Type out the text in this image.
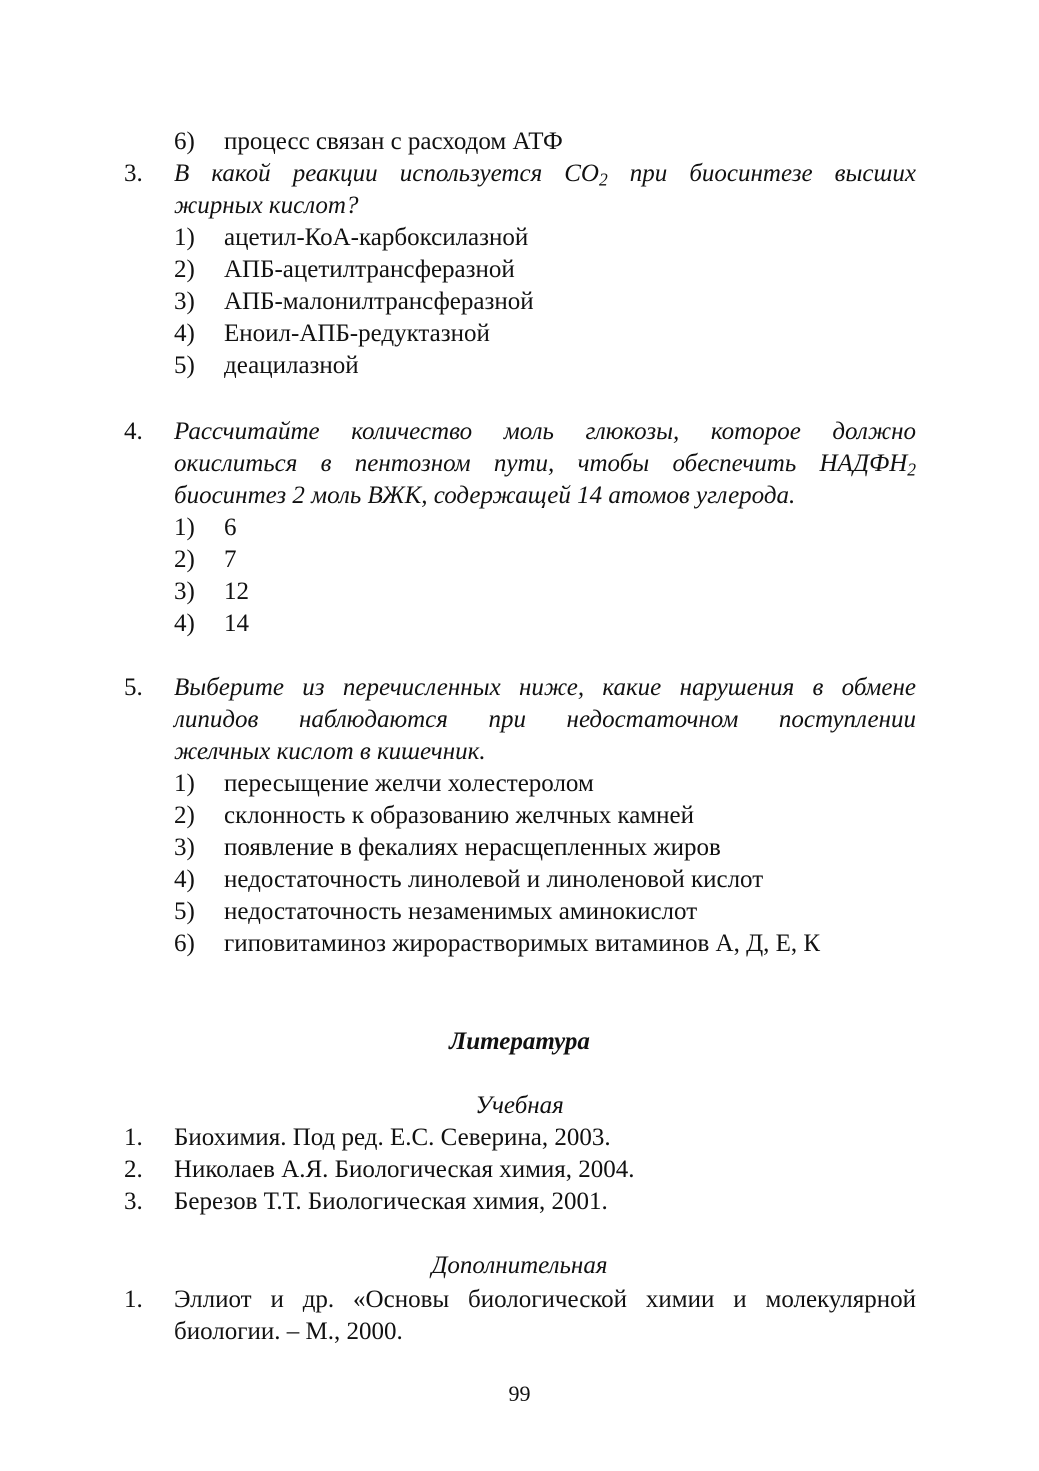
6) процесс связан с расходом АТФ
3. В какой реакции используется $СО_2$ при биосинтезе высших
жирных кислот?
1) ацетил-КоА-карбоксилазной
2) АПБ-ацетилтрансферазной
3) АПБ-малонилтрансферазной
4) Еноил-АПБ-редуктазной
5) деацилазной
4. Рассчитайте количество моль глюкозы, которое должно
окислиться в пентозном пути, чтобы обеспечить $НАДФН_2$
биосинтез 2 моль ВЖК, содержащей 14 атомов углерода.
1) 6
2) 7
3) 12
4) 14
5. Выберите из перечисленных ниже, какие нарушения в обмене
липидов наблюдаются при недостаточном поступлении
желчных кислот в кишечник.
1) пересыщение желчи холестеролом
2) склонность к образованию желчных камней
3) появление в фекалиях нерасщепленных жиров
4) недостаточность линолевой и линоленовой кислот
5) недостаточность незаменимых аминокислот
6) гиповитаминоз жирорастворимых витаминов А, Д, Е, К
Литература
Учебная
1. Биохимия. Под ред. Е.С. Северина, 2003.
2. Николаев А.Я. Биологическая химия, 2004.
3. Березов Т.Т. Биологическая химия, 2001.
Дополнительная
1. Эллиот и др. «Основы биологической химии и молекулярной
биологии. – М., 2000.
99
